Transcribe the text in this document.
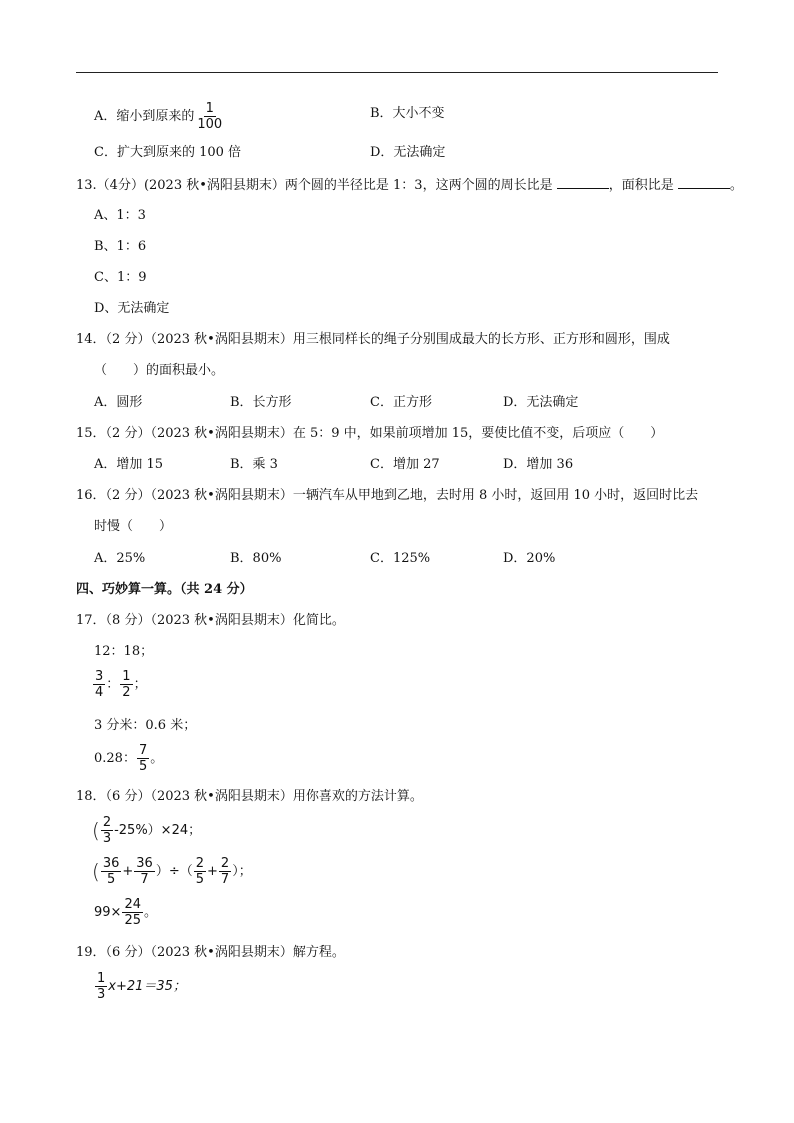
A．缩小到原来的 $\frac{1}{100}$	B．大小不变
C．扩大到原来的 100 倍	D．无法确定
13.（4分）(2023 秋•涡阳县期末）两个圆的半径比是 1：3，这两个圆的周长比是	，面积比是	。
A、1：3
B、1：6
C、1：9
D、无法确定
14．（2 分）（2023 秋•涡阳县期末）用三根同样长的绳子分别围成最大的长方形、正方形和圆形，围成
（　　）的面积最小。
A．圆形	B．长方形	C．正方形	D．无法确定
15．（2 分）（2023 秋•涡阳县期末）在 5：9 中，如果前项增加 15，要使比值不变，后项应（　　）
A．增加 15	B．乘 3	C．增加 27	D．增加 36
16．（2 分）（2023 秋•涡阳县期末）一辆汽车从甲地到乙地，去时用 8 小时，返回用 10 小时，返回时比去
时慢（　　）
A．25%	B．80%	C．125%	D．20%
四、巧妙算一算。（共 24 分）
17．（8 分）（2023 秋•涡阳县期末）化简比。
12：18；
$\frac{3}{4}$ ： $\frac{1}{2}$ ；
3 分米：0.6 米；
0.28： $\frac{7}{5}$ 。
18．（6 分）（2023 秋•涡阳县期末）用你喜欢的方法计算。
( $\frac{2}{3} -25\%)\times 24$；
( $\frac{36}{5} + \frac{36}{7}$ ）÷（ $\frac{2}{5} + \frac{2}{7}$ ）；
$99\times \frac{24}{25}$ 。
19．（6 分）（2023 秋•涡阳县期末）解方程。
$\frac{1}{3} x+21=35$；
